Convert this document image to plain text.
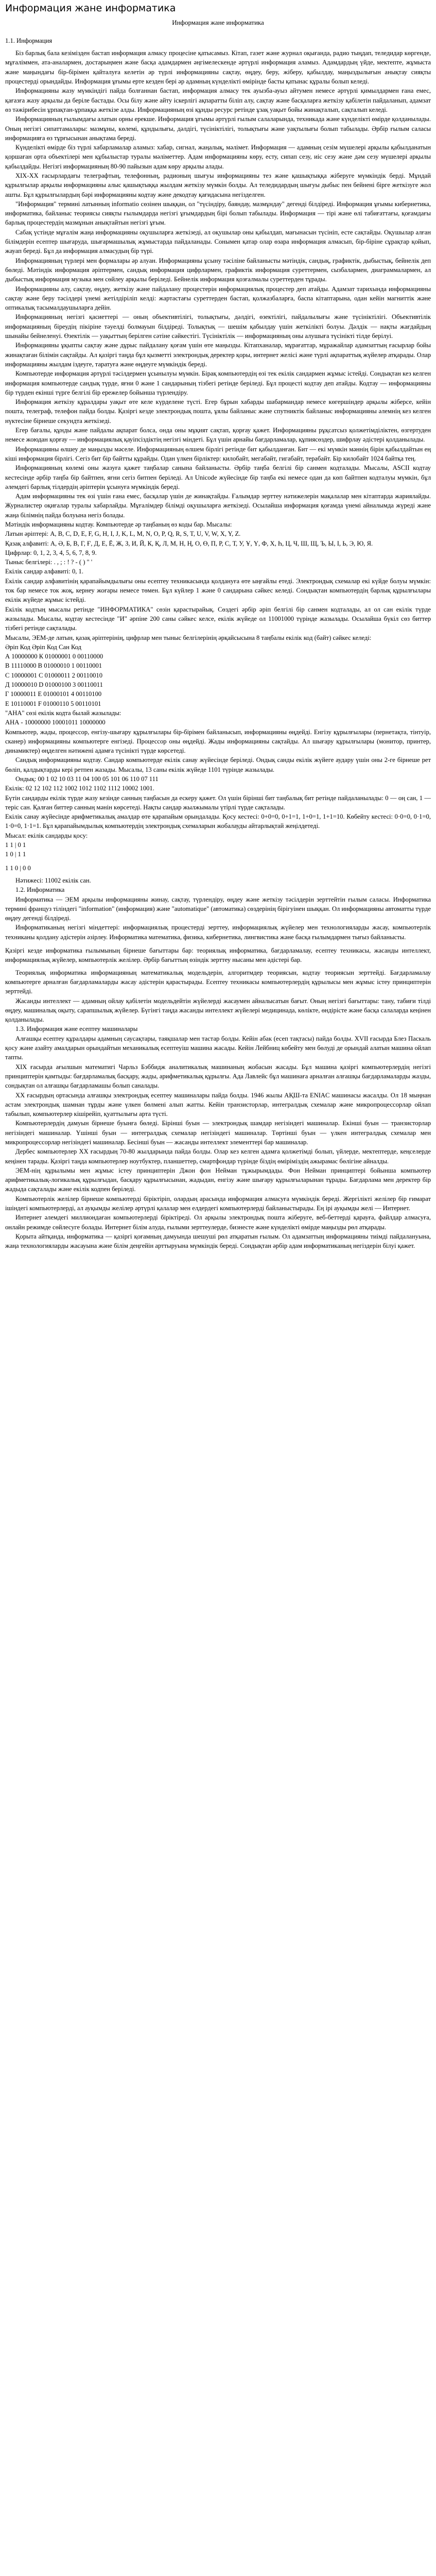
Информация жане информатика
Информация жане информатика

1.1. Информация

Бiз барлық бала кезiмiзден бастап информация алмасу процесiне қатысамыз. Кiтап, газет және журнал оқығанда, радио тыңдап, теледидар көргенде, мұғалiммен, ата-аналармен, достарыңмен және басқа адамдармен әңгiмелескенде әртүрлi информация аламыз. Адамдардың үйде, мектепте, жұмыста және маңындағы бiр-бiрiмен қайталуға келетін әр түрлi информацияны сақтау, өңдеу, беру, жiберу, қабылдау, маңыздылығын анықтау сияқты процестердi орындайды. Информация ұғымы ерте кезден бері әр адамның күнделiктi өмiрiнде басты қатынас құралы болып келедi.

Информацияны жазу мүмкiндiгi пайда болғаннан бастап, информация алмасу тек ауызба-ауыз айтумен немесе әртүрлi қимылдармен ғана емес, қағазға жазу арқылы да берiле бастады. Осы бiлу және айту iскерлiгi ақпаратты бiлiп алу, сақтау және басқаларға жеткiзу қабiлетiн пайдаланып, адамзат өз тәжiрибесiн ұрпақтан-ұрпаққа жеткiзе алды. Информацияның өзi құнды ресурс ретiнде ұзақ уақыт бойы жинақталып, сақталып келедi.

Информацияның ғылымдағы алатын орны ерекше. Информация ұғымы әртүрлi ғылым салаларында, техникада және күнделiктi өмiрде қолданылады. Оның негiзгi сипаттамалары: мазмұны, көлемi, құндылығы, дәлдiгi, түсiнiктiлiгi, толықтығы және уақтылығы болып табылады. Әрбiр ғылым саласы информацияға өз тұрғысынан анықтама бередi.

Күнделiктi өмiрде бiз түрлi хабарламалар аламыз: хабар, сигнал, жаңалық, мәлiмет. Информация — адамның сезiм мүшелерi арқылы қабылданатын қоршаған орта объектiлерi мен құбылыстар туралы мәлiметтер. Адам информацияны көру, есту, сипап сезу, иiс сезу және дәм сезу мүшелерi арқылы қабылдайды. Негiзгi информацияның 80-90 пайызын адам көру арқылы алады.

ХIХ-ХХ ғасырлардағы телеграфтың, телефонның, радионың шығуы информацияны тез және қашықтыққа жiберуге мүмкiндiк бердi. Мұндай құрылғылар арқылы информацияны алыс қашықтыққа жылдам жеткiзу мүмкiн болды. Ал теледидардың шығуы дыбыс пен бейненi бiрге жеткiзуге жол ашты. Бұл құрылғылардың бәрi информацияны кодтау және декодтау қағидасына негiзделген.

"Информация" термині латынның informatio сөзінен шыққан, ол "түсіндіру, баяндау, мазмұндау" дегенді білдіреді. Информация ұғымы кибернетика, информатика, байланыс теориясы сияқты ғылымдарда негізгі ұғымдардың бірі болып табылады. Информация — тірі және өлі табиғаттағы, қоғамдағы барлық процестердің мазмұнын анықтайтын негізгі ұғым.

Сабақ үстінде мұғалім жаңа информацияны оқушыларға жеткізеді, ал оқушылар оны қабылдап, мағынасын түсініп, есте сақтайды. Оқушылар алған білімдерін есептер шығаруда, шығармашылық жұмыстарда пайдаланады. Сонымен қатар олар өзара информация алмасып, бір-біріне сұрақтар қойып, жауап береді. Бұл да информация алмасудың бір түрі.

Информацияның түрлері мен формалары әр алуан. Информацияны ұсыну тәсіліне байланысты мәтіндік, сандық, графиктік, дыбыстық, бейнелік деп бөледі. Мәтіндік информация әріптермен, сандық информация цифрлармен, графиктік информация суреттермен, сызбалармен, диаграммалармен, ал дыбыстық информация музыка мен сөйлеу арқылы беріледі. Бейнелік информация қозғалмалы суреттерден тұрады.

Информацияны алу, сақтау, өңдеу, жеткізу және пайдалану процестерін информациялық процестер деп атайды. Адамзат тарихында информацияны сақтау және беру тәсілдері үнемі жетілдіріліп келді: жартастағы суреттерден бастап, қолжазбаларға, баспа кітаптарына, одан кейін магниттік және оптикалық тасымалдаушыларға дейін.

Информацияның негізгі қасиеттері — оның объективтілігі, толықтығы, дәлдігі, өзектілігі, пайдалылығы және түсініктілігі. Объективтілік информацияның біреудің пікіріне тәуелді болмауын білдіреді. Толықтық — шешім қабылдау үшін жеткілікті болуы. Дәлдік — нақты жағдайдың шынайы бейнеленуі. Өзектілік — уақыттың берілген сәтіне сәйкестігі. Түсініктілік — информацияның оны алушыға түсінікті тілде берілуі.

Информацияны ұқыпты сақтау және дұрыс пайдалану қоғам үшін өте маңызды. Кітапханалар, мұрағаттар, мұражайлар адамзаттың ғасырлар бойы жинақтаған білімін сақтайды. Ал қазіргі таңда бұл қызметті электрондық деректер қоры, интернет желісі және түрлі ақпараттық жүйелер атқарады. Олар информацияны жылдам іздеуге, таратуға және өңдеуге мүмкіндік береді.

Компьютерде информация әртүрлі тәсілдермен ұсынылуы мүмкін. Бірақ компьютердің өзі тек екілік сандармен жұмыс істейді. Сондықтан кез келген информация компьютерде сандық түрде, яғни 0 және 1 сандарының тізбегі ретінде беріледі. Бұл процесті кодтау деп атайды. Кодтау — информацияны бір түрден екінші түрге белгілі бір ережелер бойынша түрлендіру.

Информация жеткізу құралдары уақыт өте келе күрделене түсті. Егер бұрын хабарды шабармандар немесе көгершіндер арқылы жіберсе, кейін пошта, телеграф, телефон пайда болды. Қазіргі кезде электрондық пошта, ұялы байланыс және спутниктік байланыс информацияны әлемнің кез келген нүктесіне бірнеше секундта жеткізеді.

Егер бағалы, құнды және пайдалы ақпарат болса, онда оны мұқият сақтап, қорғау қажет. Информацияны рұқсатсыз қолжетімділіктен, өзгертуден немесе жоюдан қорғау — информациялық қауіпсіздіктің негізгі міндеті. Бұл үшін арнайы бағдарламалар, құпиясөздер, шифрлау әдістері қолданылады.

Информацияны өлшеу де маңызды мәселе. Информацияның өлшем бірлігі ретінде бит қабылданған. Бит — екі мүмкін мәннің бірін қабылдайтын ең кіші информация бірлігі. Сегіз бит бір байтты құрайды. Одан үлкен бірліктер: килобайт, мегабайт, гигабайт, терабайт. Бір килобайт 1024 байтқа тең.

Информацияның көлемі оны жазуға қажет таңбалар санына байланысты. Әрбір таңба белгілі бір санмен кодталады. Мысалы, ASCII кодтау кестесінде әрбір таңба бір байтпен, яғни сегіз битпен беріледі. Ал Unicode жүйесінде бір таңба екі немесе одан да көп байтпен кодталуы мүмкін, бұл әлемдегі барлық тілдердің әріптерін ұсынуға мүмкіндік береді.

Адам информацияны тек өзі үшін ғана емес, басқалар үшін де жинақтайды. Ғалымдар зерттеу нәтижелерін мақалалар мен кітаптарда жариялайды. Журналистер оқиғалар туралы хабарлайды. Мұғалімдер білімді оқушыларға жеткізеді. Осылайша информация қоғамда үнемі айналымда жүреді және жаңа білімнің пайда болуына негіз болады.

Мәтіндік информацияны кодтау. Компьютерде әр таңбаның өз коды бар. Мысалы:

Латын әріптері: A, B, C, D, E, F, G, H, I, J, K, L, M, N, O, P, Q, R, S, T, U, V, W, X, Y, Z.

Қазақ алфавиті: А, Ә, Б, В, Г, Ғ, Д, Е, Ё, Ж, З, И, Й, К, Қ, Л, М, Н, Ң, О, Ө, П, Р, С, Т, У, Ұ, Ү, Ф, Х, Һ, Ц, Ч, Ш, Щ, Ъ, Ы, І, Ь, Э, Ю, Я.

Цифрлар: 0, 1, 2, 3, 4, 5, 6, 7, 8, 9.

Тыныс белгілері: . , ; : ! ? - ( ) " '

Екілік сандар алфавиті: 0, 1.

Екілік сандар алфавитінің қарапайымдылығы оны есептеу техникасында қолдануға өте ыңғайлы етеді. Электрондық схемалар екі күйде болуы мүмкін: ток бар немесе ток жоқ, кернеу жоғары немесе төмен. Бұл күйлер 1 және 0 сандарына сәйкес келеді. Сондықтан компьютердің барлық құрылғылары екілік жүйеде жұмыс істейді.

Екілік кодтың мысалы ретінде "ИНФОРМАТИКА" сөзін қарастырайық. Сөздегі әрбір әріп белгілі бір санмен кодталады, ал ол сан екілік түрде жазылады. Мысалы, кодтау кестесінде "И" әрпіне 200 саны сәйкес келсе, екілік жүйеде ол 11001000 түрінде жазылады. Осылайша бүкіл сөз биттер тізбегі ретінде сақталады.

Мысалы, ЭЕМ-де латын, қазақ әріптерінің, цифрлар мен тыныс белгілерінің әрқайсысына 8 таңбалы екілік код (байт) сәйкес келеді:

Әріп Код Әріп Код Сан Код

А 10000000 К 01000001 0 00110000

В 11110000 В 01000010 1 00110001

С 10000001 С 01000011 2 00110010

Д 10000010 D 01000100 3 00110011

Г 10000011 Е 01000101 4 00110100

Е 10110001 F 01000110 5 00110101

"АНА" сөзі екілік кодта былай жазылады:

АНА - 10000000 10001011 10000000

Компьютер, жады, процессор, енгізу-шығару құрылғылары бір-бірімен байланысып, информацияны өңдейді. Енгізу құрылғылары (пернетақта, тінтуір, сканер) информацияны компьютерге енгізеді. Процессор оны өңдейді. Жады информацияны сақтайды. Ал шығару құрылғылары (монитор, принтер, динамиктер) өңделген нәтижені адамға түсінікті түрде көрсетеді.

Сандық информацияны кодтау. Сандар компьютерде екілік санау жүйесінде беріледі. Ондық санды екілік жүйеге аудару үшін оны 2-ге бірнеше рет бөліп, қалдықтарды кері ретпен жазады. Мысалы, 13 саны екілік жүйеде 1101 түрінде жазылады.

Ондық: 00 1 02 10 03 11 04 100 05 101 06 110 07 111

Екілік: 02 12 102 112 1002 1012 1102 1112 10002 1001.

Бүтін сандарды екілік түрде жазу кезінде санның таңбасын да ескеру қажет. Ол үшін бірінші бит таңбалық бит ретінде пайдаланылады: 0 — оң сан, 1 — теріс сан. Қалған биттер санның мәнін көрсетеді. Нақты сандар жылжымалы үтірлі түрде сақталады.

Екілік санау жүйесінде арифметикалық амалдар өте қарапайым орындалады. Қосу кестесі: 0+0=0, 0+1=1, 1+0=1, 1+1=10. Көбейту кестесі: 0·0=0, 0·1=0, 1·0=0, 1·1=1. Бұл қарапайымдылық компьютердің электрондық схемаларын жобалауды айтарлықтай жеңілдетеді.

Мысал: екілік сандарды қосу:

1 1 | 0 1

1 0 | 1 1

1 1 0 | 0 0

Нәтижесі: 11002 екілік сан.

1.2. Информатика

Информатика — ЭЕМ арқылы информацияны жинау, сақтау, түрлендіру, өңдеу және жеткізу тәсілдерін зерттейтін ғылым саласы. Информатика термині француз тіліндегі "information" (информация) және "automatique" (автоматика) сөздерінің бірігуінен шыққан. Ол информацияны автоматты түрде өңдеу дегенді білдіреді.

Информатиканың негізгі міндеттері: информациялық процестерді зерттеу, информациялық жүйелер мен технологияларды жасау, компьютерлік техниканы қолдану әдістерін әзірлеу. Информатика математика, физика, кибернетика, лингвистика және басқа ғылымдармен тығыз байланысты.

Қазіргі кезде информатика ғылымының бірнеше бағыттары бар: теориялық информатика, бағдарламалау, есептеу техникасы, жасанды интеллект, информациялық жүйелер, компьютерлік желілер. Әрбір бағыттың өзіндік зерттеу нысаны мен әдістері бар.

Теориялық информатика информацияның математикалық модельдерін, алгоритмдер теориясын, кодтау теориясын зерттейді. Бағдарламалау компьютерге арналған бағдарламаларды жасау әдістерін қарастырады. Есептеу техникасы компьютерлердің құрылысы мен жұмыс істеу принциптерін зерттейді.

Жасанды интеллект — адамның ойлау қабілетін модельдейтін жүйелерді жасаумен айналысатын бағыт. Оның негізгі бағыттары: тану, табиғи тілді өңдеу, машиналық оқыту, сарапшылық жүйелер. Бүгінгі таңда жасанды интеллект жүйелері медицинада, көлікте, өндірісте және басқа салаларда кеңінен қолданылады.

1.3. Информация және есептеу машиналары

Алғашқы есептеу құралдары адамның саусақтары, таяқшалар мен тастар болды. Кейін абак (есеп тақтасы) пайда болды. XVII ғасырда Блез Паскаль қосу және азайту амалдарын орындайтын механикалық есептеуіш машина жасады. Кейін Лейбниц көбейту мен бөлуді де орындай алатын машина ойлап тапты.

XIX ғасырда ағылшын математигі Чарльз Бэббидж аналитикалық машинаның жобасын жасады. Бұл машина қазіргі компьютерлердің негізгі принциптерін қамтыды: бағдарламалық басқару, жады, арифметикалық құрылғы. Ада Лавлейс бұл машинаға арналған алғашқы бағдарламаларды жазды, сондықтан ол алғашқы бағдарламашы болып саналады.

XX ғасырдың ортасында алғашқы электрондық есептеу машиналары пайда болды. 1946 жылы АҚШ-та ENIAC машинасы жасалды. Ол 18 мыңнан астам электрондық шамнан тұрды және үлкен бөлмені алып жатты. Кейін транзисторлар, интегралдық схемалар және микропроцессорлар ойлап табылып, компьютерлер кішірейіп, қуаттылығы арта түсті.

Компьютерлердің дамуын бірнеше буынға бөледі. Бірінші буын — электрондық шамдар негізіндегі машиналар. Екінші буын — транзисторлар негізіндегі машиналар. Үшінші буын — интегралдық схемалар негізіндегі машиналар. Төртінші буын — үлкен интегралдық схемалар мен микропроцессорлар негізіндегі машиналар. Бесінші буын — жасанды интеллект элементтері бар машиналар.

Дербес компьютерлер XX ғасырдың 70-80 жылдарында пайда болды. Олар кез келген адамға қолжетімді болып, үйлерде, мектептерде, кеңселерде кеңінен тарады. Қазіргі таңда компьютерлер ноутбуктер, планшеттер, смартфондар түрінде біздің өміріміздің ажырамас бөлігіне айналды.

ЭЕМ-нің құрылымы мен жұмыс істеу принциптерін Джон фон Нейман тұжырымдады. Фон Нейман принциптері бойынша компьютер арифметикалық-логикалық құрылғыдан, басқару құрылғысынан, жадыдан, енгізу және шығару құрылғыларынан тұрады. Бағдарлама мен деректер бір жадыда сақталады және екілік кодпен беріледі.

Компьютерлік желілер бірнеше компьютерді біріктіріп, олардың арасында информация алмасуға мүмкіндік береді. Жергілікті желілер бір ғимарат ішіндегі компьютерлерді, ал ауқымды желілер әртүрлі қалалар мен елдердегі компьютерлерді байланыстырады. Ең ірі ауқымды желі — Интернет.

Интернет әлемдегі миллиондаған компьютерлерді біріктіреді. Ол арқылы электрондық пошта жіберуге, веб-беттерді қарауға, файлдар алмасуға, онлайн режимде сөйлесуге болады. Интернет білім алуда, ғылыми зерттеулерде, бизнесте және күнделікті өмірде маңызды рөл атқарады.

Қорыта айтқанда, информатика — қазіргі қоғамның дамуында шешуші рөл атқаратын ғылым. Ол адамзаттың информацияны тиімді пайдалануына, жаңа технологияларды жасауына және білім деңгейін арттыруына мүмкіндік береді. Сондықтан әрбір адам информатиканың негіздерін білуі қажет.
